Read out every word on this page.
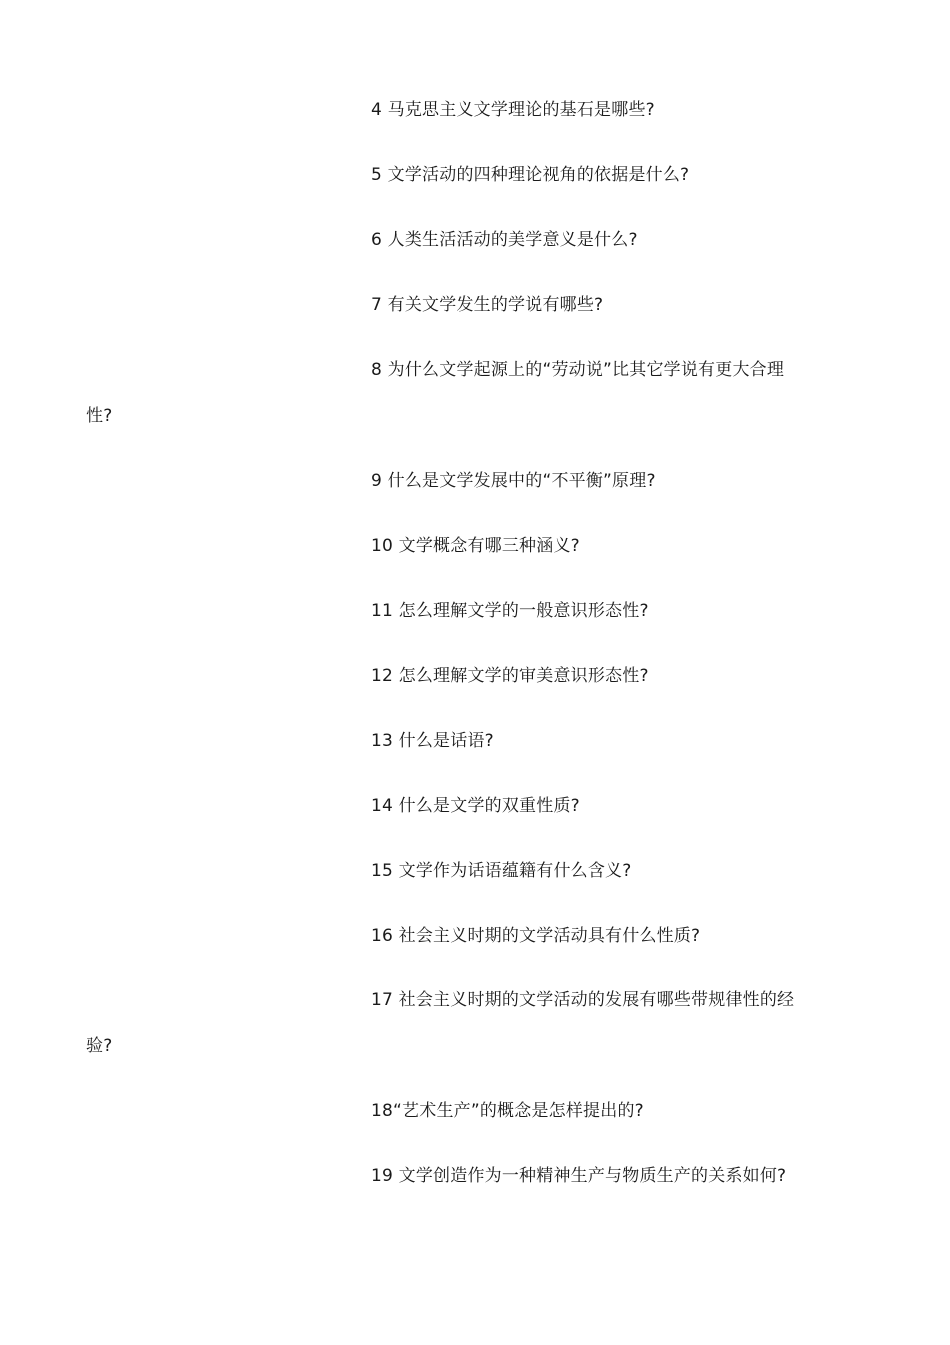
4 马克思主义文学理论的基石是哪些?
5 文学活动的四种理论视角的依据是什么?
6 人类生活活动的美学意义是什么?
7 有关文学发生的学说有哪些?
8 为什么文学起源上的“劳动说”比其它学说有更大合理
性?
9 什么是文学发展中的“不平衡”原理?
10 文学概念有哪三种涵义?
11 怎么理解文学的一般意识形态性?
12 怎么理解文学的审美意识形态性?
13 什么是话语?
14 什么是文学的双重性质?
15 文学作为话语蕴籍有什么含义?
16 社会主义时期的文学活动具有什么性质?
17 社会主义时期的文学活动的发展有哪些带规律性的经
验?
18“艺术生产”的概念是怎样提出的?
19 文学创造作为一种精神生产与物质生产的关系如何?
